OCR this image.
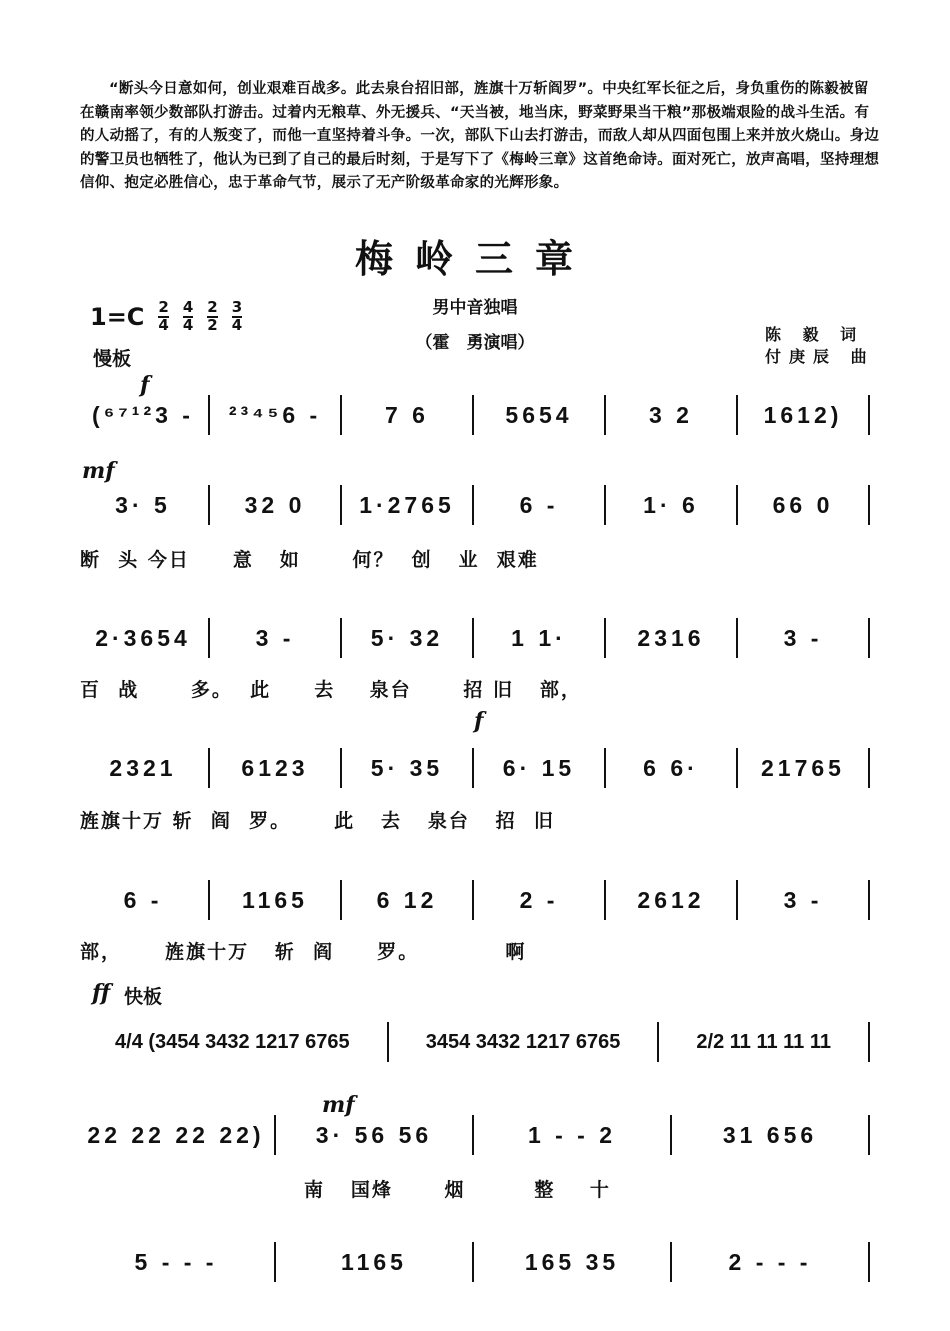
“断头今日意如何，创业艰难百战多。此去泉台招旧部，旌旗十万斩阎罗”。中央红军长征之后，身负重伤的陈毅被留在赣南率领少数部队打游击。过着内无粮草、外无援兵、“天当被，地当床，野菜野果当干粮”那极端艰险的战斗生活。有的人动摇了，有的人叛变了，而他一直坚持着斗争。一次，部队下山去打游击，而敌人却从四面包围上来并放火烧山。身边的警卫员也牺牲了，他认为已到了自己的最后时刻，于是写下了《梅岭三章》这首绝命诗。面对死亡，放声高唱，坚持理想信仰、抱定必胜信心，忠于革命气节，展示了无产阶级革命家的光辉形象。
梅岭三章
$1=C \frac{2}{4} \frac{4}{4} \frac{2}{2} \frac{3}{4}$
慢板
男中音独唱
（霍　勇演唱）	陈 毅 词
付庚辰 曲
f
mf
f
ff 快板
mf
(⁶⁷¹²3 -	²³⁴⁵6 -	7 6	5654	3 2	1612)
3· 5	32 0	1·2765	6 -	1· 6	66 0
断  头 今日     意   如      何？  创   业  艰难
2·3654	3 -	5· 32	1 1·	2316	3 -
百  战      多。  此     去    泉台      招 旧   部，
2321	6123	5· 35	6· 15	6 6·	21765
旌旗十万 斩  阎  罗。     此   去   泉台   招  旧
6 -	1165	6 12	2 -	2612	3 -
部，     旌旗十万   斩  阎     罗。          啊
4/4 (3454 3432 1217 6765	3454 3432 1217 6765	2/2 11 11 11 11
22 22 22 22)	3· 56 56	1 - - 2	31 656
南   国烽      烟        整    十
5 - - -	1165	165 35	2 - - -
